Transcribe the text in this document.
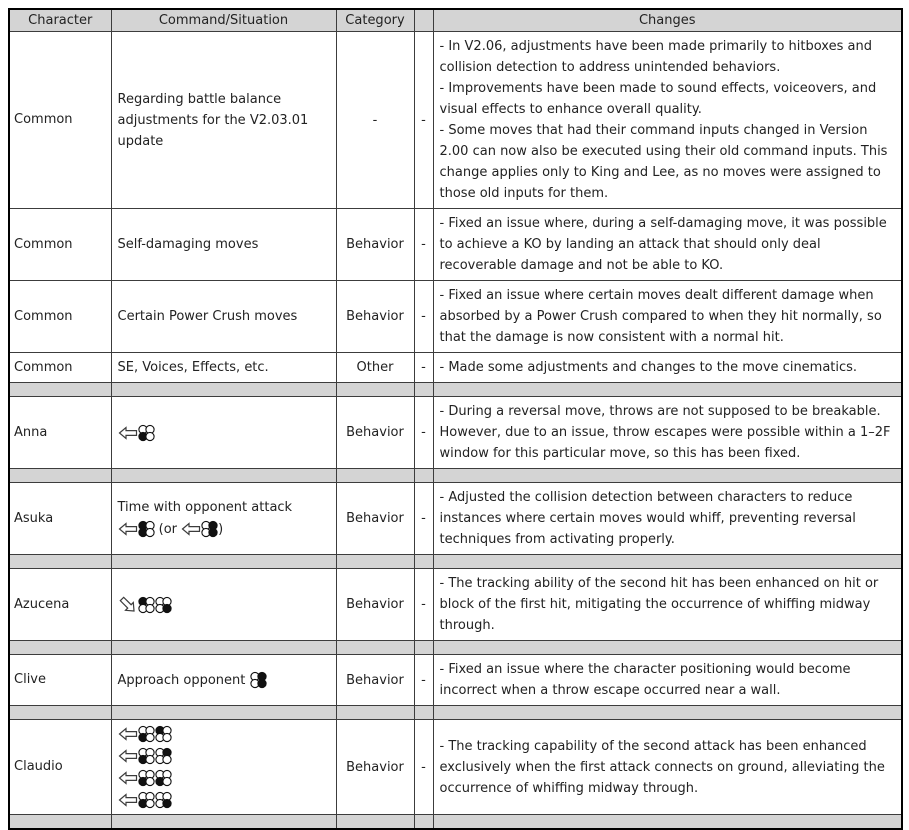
Character	Command/Situation	Category		Changes
Common	Regarding battle balance adjustments for the V2.03.01 update	-	-	- In V2.06, adjustments have been made primarily to hitboxes and collision detection to address unintended behaviors.
- Improvements have been made to sound effects, voiceovers, and visual effects to enhance overall quality.
- Some moves that had their command inputs changed in Version 2.00 can now also be executed using their old command inputs. This change applies only to King and Lee, as no moves were assigned to those old inputs for them.

Common	Self-damaging moves	Behavior	-	- Fixed an issue where, during a self-damaging move, it was possible to achieve a KO by landing an attack that should only deal recoverable damage and not be able to KO.

Common	Certain Power Crush moves	Behavior	-	- Fixed an issue where certain moves dealt different damage when absorbed by a Power Crush compared to when they hit normally, so that the damage is now consistent with a normal hit.

Common	SE, Voices, Effects, etc.	Other	-	- Made some adjustments and changes to the move cinematics.

Anna		Behavior	-	- During a reversal move, throws are not supposed to be breakable. However, due to an issue, throw escapes were possible within a 1–2F window for this particular move, so this has been fixed.

Asuka	Time with opponent attack
(or )	Behavior	-	- Adjusted the collision detection between characters to reduce instances where certain moves would whiff, preventing reversal techniques from activating properly.

Azucena		Behavior	-	- The tracking ability of the second hit has been enhanced on hit or block of the first hit, mitigating the occurrence of whiffing midway through.

Clive	Approach opponent	Behavior	-	- Fixed an issue where the character positioning would become incorrect when a throw escape occurred near a wall.

Claudio		Behavior	-	- The tracking capability of the second attack has been enhanced exclusively when the first attack connects on ground, alleviating the occurrence of whiffing midway through.
